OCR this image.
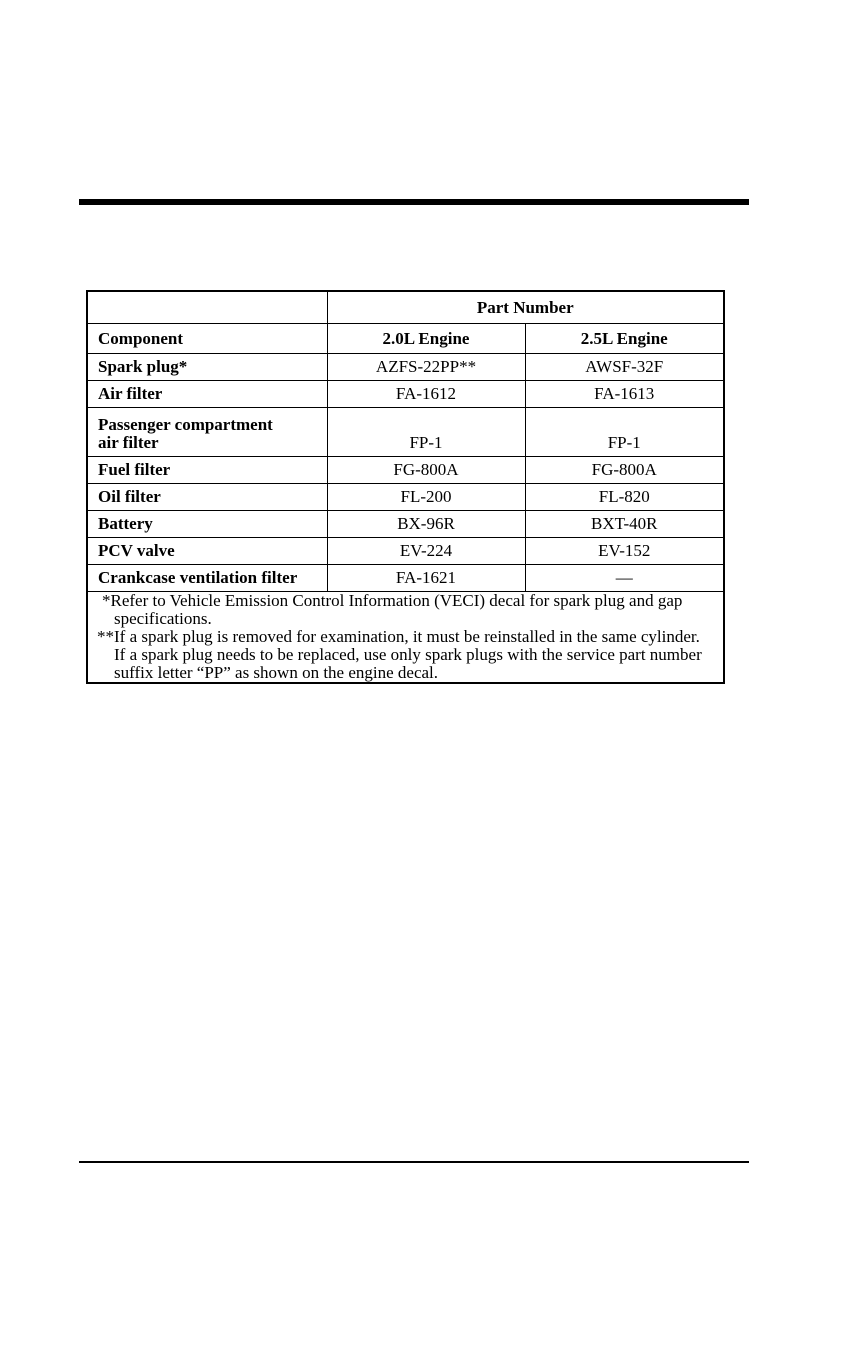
	Part Number	
Component	2.0L Engine	2.5L Engine
Spark plug*	AZFS-22PP**	AWSF-32F
Air filter	FA-1612	FA-1613
Passenger compartment
air filter	FP-1	FP-1
Fuel filter	FG-800A	FG-800A
Oil filter	FL-200	FL-820
Battery	BX-96R	BXT-40R
PCV valve	EV-224	EV-152
Crankcase ventilation filter	FA-1621	—

*Refer to Vehicle Emission Control Information (VECI) decal for spark plug and gap specifications.
**If a spark plug is removed for examination, it must be reinstalled in the same cylinder. If a spark plug needs to be replaced, use only spark plugs with the service part number suffix letter “PP” as shown on the engine decal.		
